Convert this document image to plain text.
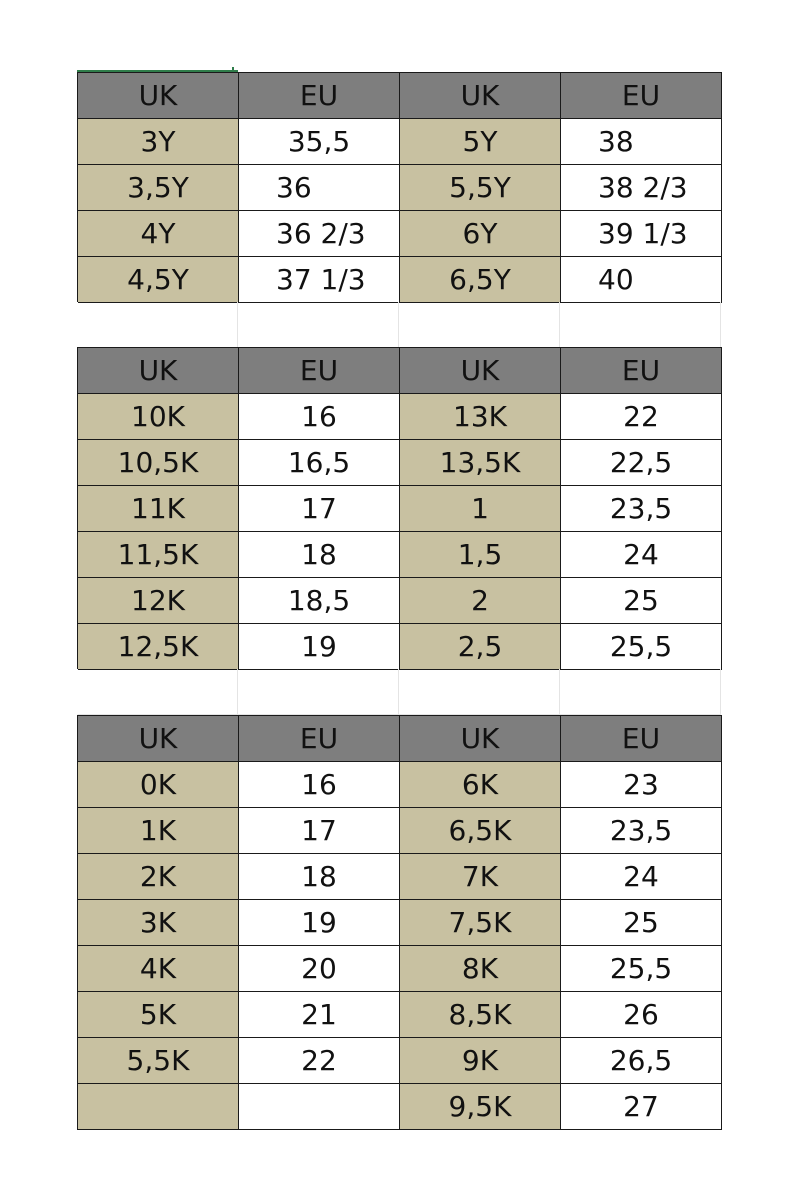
UK	EU	UK	EU
3Y	35,5	5Y	38
3,5Y	36	5,5Y	38 2/3
4Y	36 2/3	6Y	39 1/3
4,5Y	37 1/3	6,5Y	40
UK	EU	UK	EU
10K	16	13K	22
10,5K	16,5	13,5K	22,5
11K	17	1	23,5
11,5K	18	1,5	24
12K	18,5	2	25
12,5K	19	2,5	25,5
UK	EU	UK	EU
0K	16	6K	23
1K	17	6,5K	23,5
2K	18	7K	24
3K	19	7,5K	25
4K	20	8K	25,5
5K	21	8,5K	26
5,5K	22	9K	26,5
		9,5K	27
